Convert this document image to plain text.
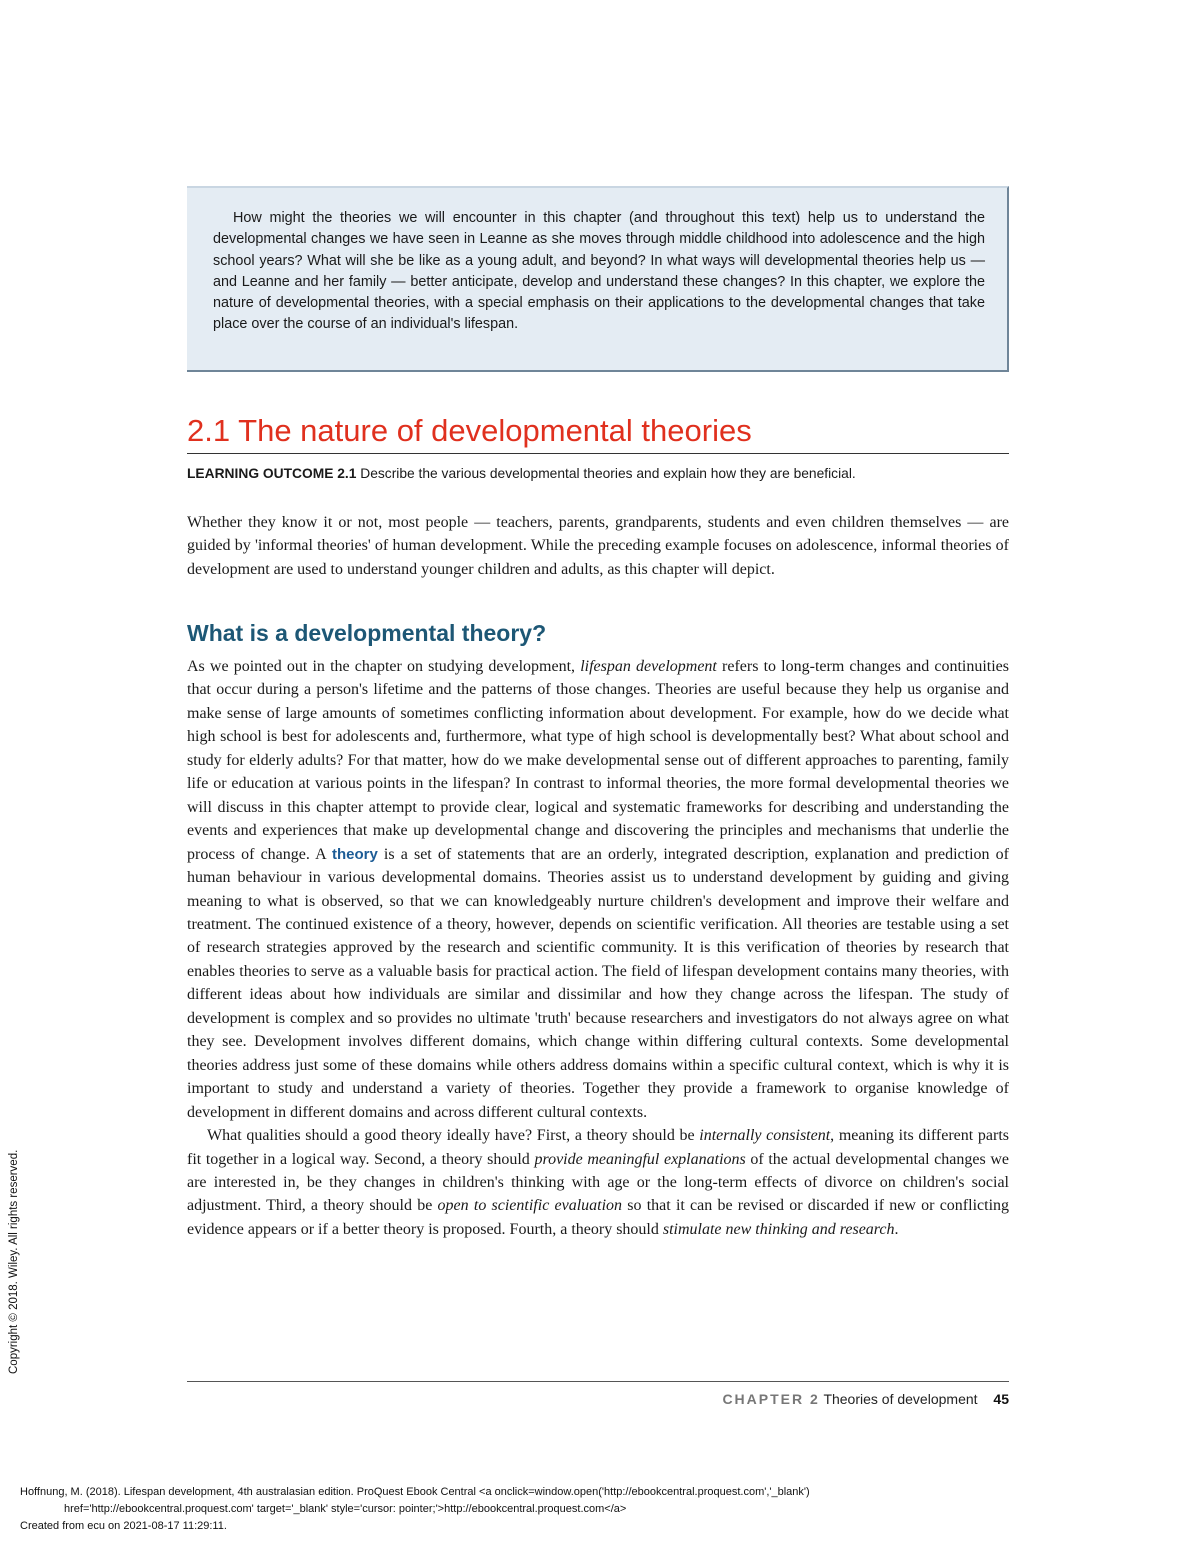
How might the theories we will encounter in this chapter (and throughout this text) help us to understand the developmental changes we have seen in Leanne as she moves through middle childhood into adolescence and the high school years? What will she be like as a young adult, and beyond? In what ways will developmental theories help us — and Leanne and her family — better anticipate, develop and understand these changes? In this chapter, we explore the nature of developmental theories, with a special emphasis on their applications to the developmental changes that take place over the course of an individual's lifespan.

2.1 The nature of developmental theories

LEARNING OUTCOME 2.1 Describe the various developmental theories and explain how they are beneficial.

Whether they know it or not, most people — teachers, parents, grandparents, students and even children themselves — are guided by 'informal theories' of human development. While the preceding example focuses on adolescence, informal theories of development are used to understand younger children and adults, as this chapter will depict.

What is a developmental theory?

As we pointed out in the chapter on studying development, lifespan development refers to long-term changes and continuities that occur during a person's lifetime and the patterns of those changes. Theories are useful because they help us organise and make sense of large amounts of sometimes conflicting information about development. For example, how do we decide what high school is best for adolescents and, furthermore, what type of high school is developmentally best? What about school and study for elderly adults? For that matter, how do we make developmental sense out of different approaches to parenting, family life or education at various points in the lifespan? In contrast to informal theories, the more formal developmental theories we will discuss in this chapter attempt to provide clear, logical and systematic frameworks for describing and understanding the events and experiences that make up developmental change and discovering the principles and mechanisms that underlie the process of change. A theory is a set of statements that are an orderly, integrated description, explanation and prediction of human behaviour in various developmental domains. Theories assist us to understand development by guiding and giving meaning to what is observed, so that we can knowledgeably nurture children's development and improve their welfare and treatment. The continued existence of a theory, however, depends on scientific verification. All theories are testable using a set of research strategies approved by the research and scientific community. It is this verification of theories by research that enables theories to serve as a valuable basis for practical action. The field of lifespan development contains many theories, with different ideas about how individuals are similar and dissimilar and how they change across the lifespan. The study of development is complex and so provides no ultimate 'truth' because researchers and investigators do not always agree on what they see. Development involves different domains, which change within differing cultural contexts. Some developmental theories address just some of these domains while others address domains within a specific cultural context, which is why it is important to study and understand a variety of theories. Together they provide a framework to organise knowledge of development in different domains and across different cultural contexts.

What qualities should a good theory ideally have? First, a theory should be internally consistent, meaning its different parts fit together in a logical way. Second, a theory should provide meaningful explanations of the actual developmental changes we are interested in, be they changes in children's thinking with age or the long-term effects of divorce on children's social adjustment. Third, a theory should be open to scientific evaluation so that it can be revised or discarded if new or conflicting evidence appears or if a better theory is proposed. Fourth, a theory should stimulate new thinking and research.

CHAPTER 2 Theories of development 45
Copyright © 2018. Wiley. All rights reserved.
Hoffnung, M. (2018). Lifespan development, 4th australasian edition. ProQuest Ebook Central <a onclick=window.open('http://ebookcentral.proquest.com','_blank')
href='http://ebookcentral.proquest.com' target='_blank' style='cursor: pointer;'>http://ebookcentral.proquest.com</a>
Created from ecu on 2021-08-17 11:29:11.
